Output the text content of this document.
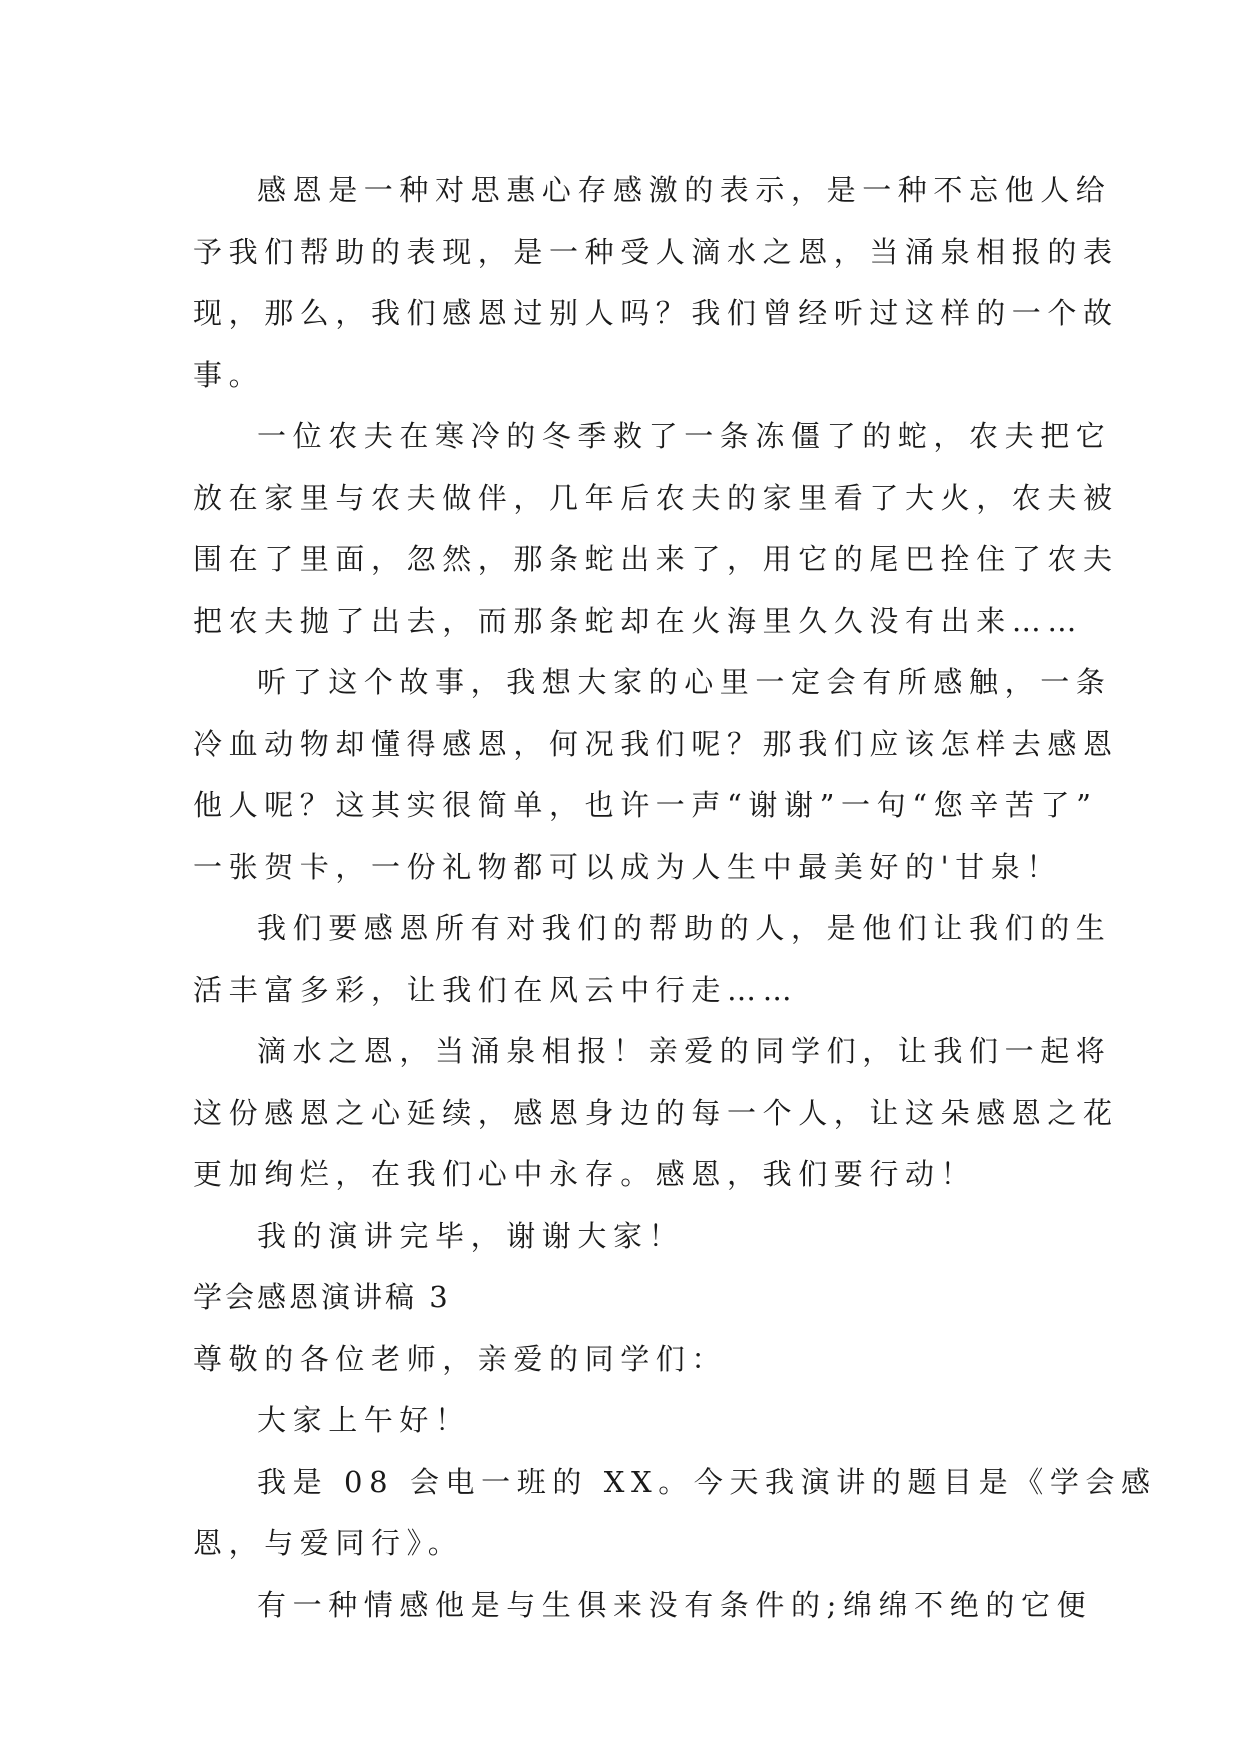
感恩是一种对思惠心存感激的表示，是一种不忘他人给
予我们帮助的表现，是一种受人滴水之恩，当涌泉相报的表
现，那么，我们感恩过别人吗？我们曾经听过这样的一个故
事。
一位农夫在寒冷的冬季救了一条冻僵了的蛇，农夫把它
放在家里与农夫做伴，几年后农夫的家里看了大火，农夫被
围在了里面，忽然，那条蛇出来了，用它的尾巴拴住了农夫
把农夫抛了出去，而那条蛇却在火海里久久没有出来……
听了这个故事，我想大家的心里一定会有所感触，一条
冷血动物却懂得感恩，何况我们呢？那我们应该怎样去感恩
他人呢？这其实很简单，也许一声“谢谢”一句“您辛苦了”
一张贺卡，一份礼物都可以成为人生中最美好的'甘泉！
我们要感恩所有对我们的帮助的人，是他们让我们的生
活丰富多彩，让我们在风云中行走……
滴水之恩，当涌泉相报！亲爱的同学们，让我们一起将
这份感恩之心延续，感恩身边的每一个人，让这朵感恩之花
更加绚烂，在我们心中永存。感恩，我们要行动！
我的演讲完毕，谢谢大家！
学会感恩演讲稿 3
尊敬的各位老师，亲爱的同学们：
大家上午好！
我是 08 会电一班的 XX。今天我演讲的题目是《学会感
恩，与爱同行》。
有一种情感他是与生俱来没有条件的;绵绵不绝的它便
